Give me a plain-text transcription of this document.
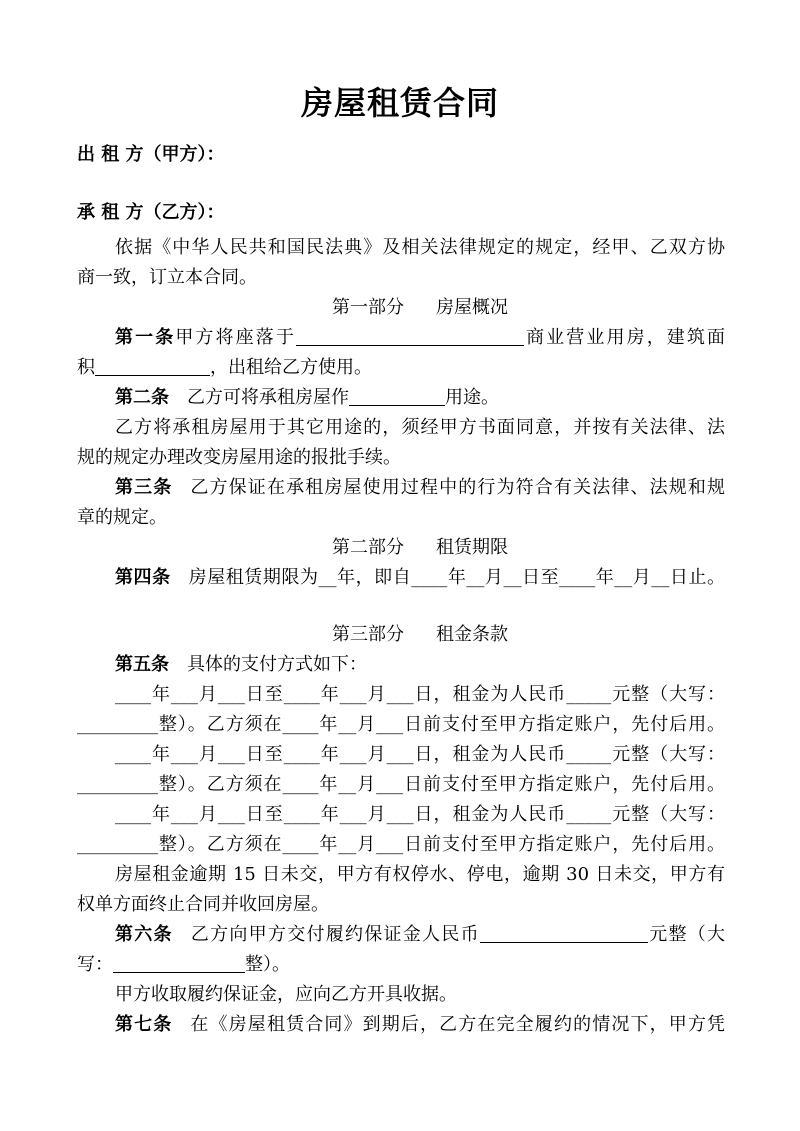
房屋租赁合同
出 租 方（甲方）：
承 租 方（乙方）：
依据《中华人民共和国民法典》及相关法律规定的规定，经甲、乙双方协
商一致，订立本合同。
第一部分 房屋概况
第一条甲方将座落于	商业营业用房，建筑面
积	，出租给乙方使用。
第二条 乙方可将承租房屋作	用途。
乙方将承租房屋用于其它用途的，须经甲方书面同意，并按有关法律、法
规的规定办理改变房屋用途的报批手续。
第三条 乙方保证在承租房屋使用过程中的行为符合有关法律、法规和规
章的规定。
第二部分 租赁期限
第四条 房屋租赁期限为__年，即自____年__月__日至____年__月__日止。
第三部分 租金条款
第五条 具体的支付方式如下：
____年___月___日至____年___月___日，租金为人民币_____元整（大写：
_________整）。乙方须在____年__月___日前支付至甲方指定账户，先付后用。
____年___月___日至____年___月___日，租金为人民币_____元整（大写：
_________整）。乙方须在____年__月___日前支付至甲方指定账户，先付后用。
____年___月___日至____年___月___日，租金为人民币_____元整（大写：
_________整）。乙方须在____年__月___日前支付至甲方指定账户，先付后用。
房屋租金逾期 15 日未交，甲方有权停水、停电，逾期 30 日未交，甲方有
权单方面终止合同并收回房屋。
第六条 乙方向甲方交付履约保证金人民币	元整（大
写：	整）。
甲方收取履约保证金，应向乙方开具收据。
第七条 在《房屋租赁合同》到期后，乙方在完全履约的情况下，甲方凭
